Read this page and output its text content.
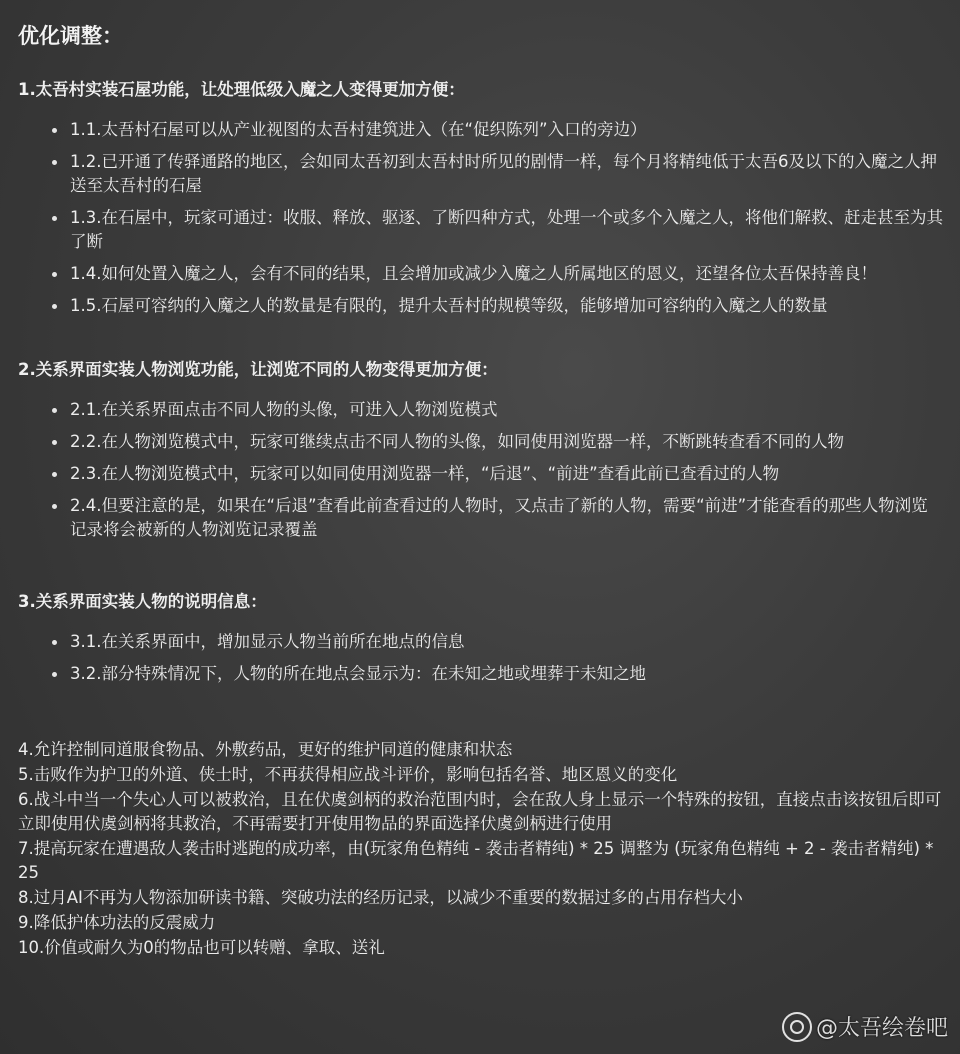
优化调整：
1.太吾村实装石屋功能，让处理低级入魔之人变得更加方便：
1.1.太吾村石屋可以从产业视图的太吾村建筑进入（在“促织陈列”入口的旁边）
1.2.已开通了传驿通路的地区，会如同太吾初到太吾村时所见的剧情一样，每个月将精纯低于太吾6及以下的入魔之人押送至太吾村的石屋
1.3.在石屋中，玩家可通过：收服、释放、驱逐、了断四种方式，处理一个或多个入魔之人，将他们解救、赶走甚至为其了断
1.4.如何处置入魔之人，会有不同的结果，且会增加或减少入魔之人所属地区的恩义，还望各位太吾保持善良！
1.5.石屋可容纳的入魔之人的数量是有限的，提升太吾村的规模等级，能够增加可容纳的入魔之人的数量
2.关系界面实装人物浏览功能，让浏览不同的人物变得更加方便：
2.1.在关系界面点击不同人物的头像，可进入人物浏览模式
2.2.在人物浏览模式中，玩家可继续点击不同人物的头像，如同使用浏览器一样，不断跳转查看不同的人物
2.3.在人物浏览模式中，玩家可以如同使用浏览器一样，“后退”、“前进”查看此前已查看过的人物
2.4.但要注意的是，如果在“后退”查看此前查看过的人物时，又点击了新的人物，需要“前进”才能查看的那些人物浏览记录将会被新的人物浏览记录覆盖
3.关系界面实装人物的说明信息：
3.1.在关系界面中，增加显示人物当前所在地点的信息
3.2.部分特殊情况下，人物的所在地点会显示为：在未知之地或埋葬于未知之地
4.允许控制同道服食物品、外敷药品，更好的维护同道的健康和状态
5.击败作为护卫的外道、侠士时，不再获得相应战斗评价，影响包括名誉、地区恩义的变化
6.战斗中当一个失心人可以被救治，且在伏虞剑柄的救治范围内时，会在敌人身上显示一个特殊的按钮，直接点击该按钮后即可立即使用伏虞剑柄将其救治，不再需要打开使用物品的界面选择伏虞剑柄进行使用
7.提高玩家在遭遇敌人袭击时逃跑的成功率，由(玩家角色精纯 - 袭击者精纯) * 25 调整为 (玩家角色精纯 + 2 - 袭击者精纯) * 25
8.过月AI不再为人物添加研读书籍、突破功法的经历记录，以减少不重要的数据过多的占用存档大小
9.降低护体功法的反震威力
10.价值或耐久为0的物品也可以转赠、拿取、送礼
@太吾绘卷吧
